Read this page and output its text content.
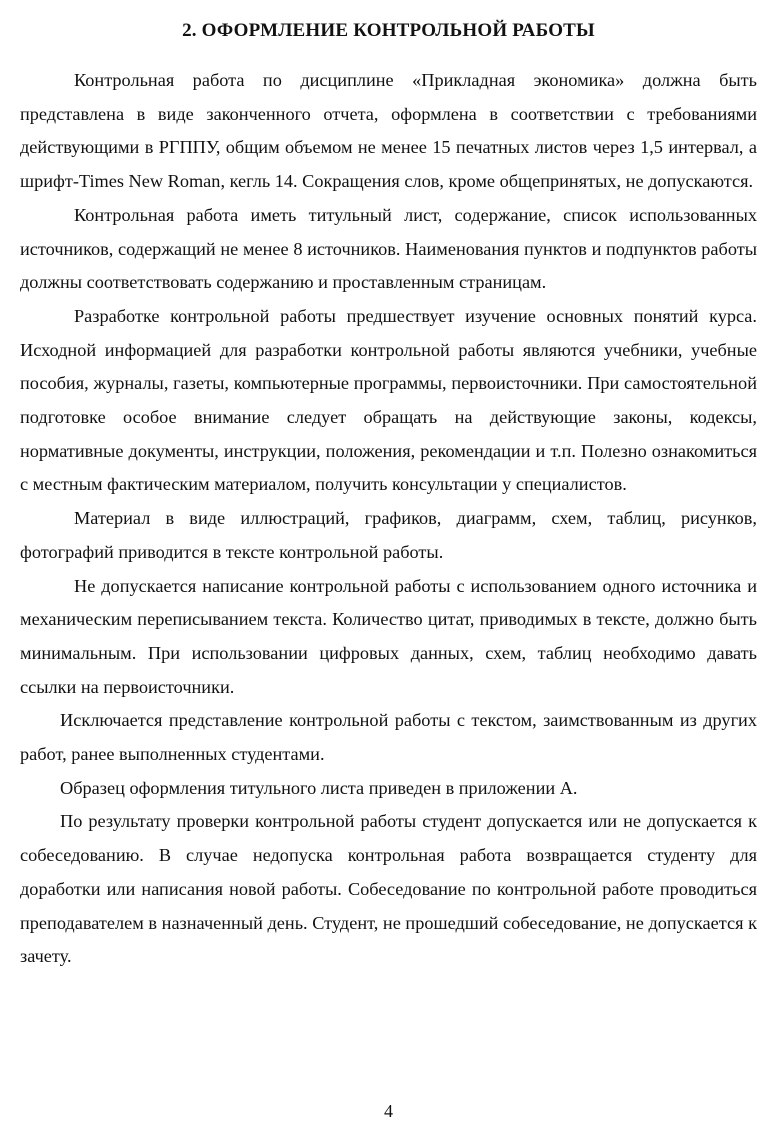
2. ОФОРМЛЕНИЕ КОНТРОЛЬНОЙ РАБОТЫ

Контрольная работа по дисциплине «Прикладная экономика» должна быть представлена в виде законченного отчета, оформлена в соответствии с требованиями действующими в РГППУ, общим объемом не менее 15 печатных листов через 1,5 интервал, а шрифт-Times New Roman, кегль 14. Сокращения слов, кроме общепринятых, не допускаются.

Контрольная работа иметь титульный лист, содержание, список использованных источников, содержащий не менее 8 источников. Наименования пунктов и подпунктов работы должны соответствовать содержанию и проставленным страницам.

Разработке контрольной работы предшествует изучение основных понятий курса. Исходной информацией для разработки контрольной работы являются учебники, учебные пособия, журналы, газеты, компьютерные программы, первоисточники. При самостоятельной подготовке особое внимание следует обращать на действующие законы, кодексы, нормативные документы, инструкции, положения, рекомендации и т.п. Полезно ознакомиться с местным фактическим материалом, получить консультации у специалистов.

Материал в виде иллюстраций, графиков, диаграмм, схем, таблиц, рисунков, фотографий приводится в тексте контрольной работы.

Не допускается написание контрольной работы с использованием одного источника и механическим переписыванием текста. Количество цитат, приводимых в тексте, должно быть минимальным. При использовании цифровых данных, схем, таблиц необходимо давать ссылки на первоисточники.

Исключается представление контрольной работы с текстом, заимствованным из других работ, ранее выполненных студентами.

Образец оформления титульного листа приведен в приложении А.

По результату проверки контрольной работы студент допускается или не допускается к собеседованию. В случае недопуска контрольная работа возвращается студенту для доработки или написания новой работы. Собеседование по контрольной работе проводиться преподавателем в назначенный день. Студент, не прошедший собеседование, не допускается к зачету.

4
